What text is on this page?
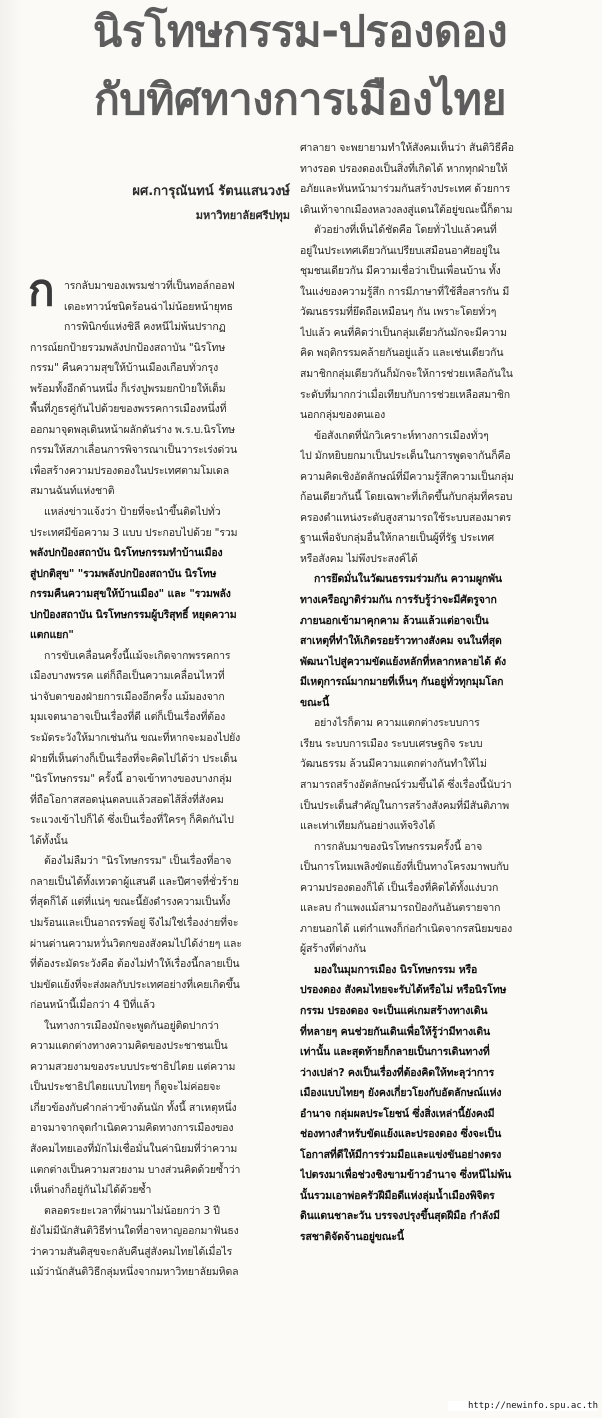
นิรโทษกรรม-ปรองดอง
กับทิศทางการเมืองไทย
ผศ.การุณันทน์ รัตนแสนวงษ์
มหาวิทยาลัยศรีปทุม
ก ารกลับมาของเพรมช่าวที่เป็นทอล์กออฟ
เดอะทาวน์ชนิดร้อนฉ่าไม่น้อยหน้ายุทธ
การพินิกข์แห่งชิลี คงหนีไม่พ้นปรากฏ
การณ์ยกป้ายรวมพลังปกป้องสถาบัน "นิรโทษ
กรรม" คืนความสุขให้บ้านเมืองเกือบทั่วกรุง
พร้อมทั้งอีกด้านหนึ่ง ก็เร่งปูพรมยกป้ายให้เต็ม
พื้นที่ภูธรคู่กันไปด้วยของพรรคการเมืองหนึ่งที่
ออกมาจุดพลุเดินหน้าผลักดันร่าง พ.ร.บ.นิรโทษ
กรรมให้สภาเลื่อนการพิจารณาเป็นวาระเร่งด่วน
เพื่อสร้างความปรองดองในประเทศตามโมเดล
สมานฉันท์แห่งชาติ
แหล่งข่าวแจ้งว่า ป้ายที่จะนำขึ้นติดไปทั่ว
ประเทศมีข้อความ 3 แบบ ประกอบไปด้วย "รวม
พลังปกป้องสถาบัน นิรโทษกรรมทำบ้านเมือง
สู่ปกติสุข" "รวมพลังปกป้องสถาบัน นิรโทษ
กรรมคืนความสุขให้บ้านเมือง" และ "รวมพลัง
ปกป้องสถาบัน นิรโทษกรรมผู้บริสุทธิ์ หยุดความ
แตกแยก"
การขับเคลื่อนครั้งนี้แม้จะเกิดจากพรรคการ
เมืองบางพรรค แต่ก็ถือเป็นความเคลื่อนไหวที่
น่าจับตาของฝ่ายการเมืองอีกครั้ง แม้มองจาก
มุมเจตนาอาจเป็นเรื่องที่ดี แต่ก็เป็นเรื่องที่ต้อง
ระมัดระวังให้มากเช่นกัน ขณะที่หากจะมองไปยัง
ฝ่ายที่เห็นต่างก็เป็นเรื่องที่จะคิดไปได้ว่า ประเด็น
"นิรโทษกรรม" ครั้งนี้ อาจเข้าทางของบางกลุ่ม
ที่ถือโอกาสสอดนุ่นตลบแล้วสอดไส้สิ่งที่สังคม
ระแวงเข้าไปก็ได้ ซึ่งเป็นเรื่องที่ใครๆ ก็คิดกันไป
ได้ทั้งนั้น
ต้องไม่ลืมว่า "นิรโทษกรรม" เป็นเรื่องที่อาจ
กลายเป็นได้ทั้งเทวดาผู้แสนดี และปีศาจที่ชั่วร้าย
ที่สุดก็ได้ แต่ที่แน่ๆ ขณะนี้ยังดำรงความเป็นทั้ง
ปมร้อนและเป็นอาถรรพ์อยู่ จึงไม่ใช่เรื่องง่ายที่จะ
ผ่านด่านความหวั่นวิตกของสังคมไปได้ง่ายๆ และ
ที่ต้องระมัดระวังคือ ต้องไม่ทำให้เรื่องนี้กลายเป็น
ปมขัดแย้งที่จะส่งผลกับประเทศอย่างที่เคยเกิดขึ้น
ก่อนหน้านี้เมื่อกว่า 4 ปีที่แล้ว
ในทางการเมืองมักจะพูดกันอยู่ติดปากว่า
ความแตกต่างทางความคิดของประชาชนเป็น
ความสวยงามของระบบประชาธิปไตย แต่ความ
เป็นประชาธิปไตยแบบไทยๆ ก็ดูจะไม่ค่อยจะ
เกี่ยวข้องกับคำกล่าวข้างต้นนัก ทั้งนี้ สาเหตุหนึ่ง
อาจมาจากจุดกำเนิดความคิดทางการเมืองของ
สังคมไทยเองที่มักไม่เชื่อมั่นในค่านิยมที่ว่าความ
แตกต่างเป็นความสวยงาม บางส่วนคิดด้วยซ้ำว่า
เห็นต่างก็อยู่กันไม่ได้ด้วยซ้ำ
ตลอดระยะเวลาที่ผ่านมาไม่น้อยกว่า 3 ปี
ยังไม่มีนักสันติวิธีท่านใดที่อาจหาญออกมาฟันธง
ว่าความสันติสุขจะกลับคืนสู่สังคมไทยได้เมื่อไร
แม้ว่านักสันติวิธีกลุ่มหนึ่งจากมหาวิทยาลัยมหิดล
ศาลายา จะพยายามทำให้สังคมเห็นว่า สันติวิธีคือ
ทางรอด ปรองดองเป็นสิ่งที่เกิดได้ หากทุกฝ่ายให้
อภัยและหันหน้ามาร่วมกันสร้างประเทศ ด้วยการ
เดินเท้าจากเมืองหลวงลงสู่แดนใต้อยู่ขณะนี้ก็ตาม
ตัวอย่างที่เห็นได้ชัดคือ โดยทั่วไปแล้วคนที่
อยู่ในประเทศเดียวกันเปรียบเสมือนอาศัยอยู่ใน
ชุมชนเดียวกัน มีความเชื่อว่าเป็นเพื่อนบ้าน ทั้ง
ในแง่ของความรู้สึก การมีภาษาที่ใช้สื่อสารกัน มี
วัฒนธรรมที่ยึดถือเหมือนๆ กัน เพราะโดยทั่วๆ
ไปแล้ว คนที่คิดว่าเป็นกลุ่มเดียวกันมักจะมีความ
คิด พฤติกรรมคล้ายกันอยู่แล้ว และเช่นเดียวกัน
สมาชิกกลุ่มเดียวกันก็มักจะให้การช่วยเหลือกันใน
ระดับที่มากกว่าเมื่อเทียบกับการช่วยเหลือสมาชิก
นอกกลุ่มของตนเอง
ข้อสังเกตที่นักวิเคราะห์ทางการเมืองทั่วๆ
ไป มักหยิบยกมาเป็นประเด็นในการพูดจากันก็คือ
ความคิดเชิงอัตลักษณ์ที่มีความรู้สึกความเป็นกลุ่ม
ก้อนเดียวกันนี้ โดยเฉพาะที่เกิดขึ้นกับกลุ่มที่ครอบ
ครองตำแหน่งระดับสูงสามารถใช้ระบบสองมาตร
ฐานเพื่อจับกลุ่มอื่นให้กลายเป็นผู้ที่รัฐ ประเทศ
หรือสังคม ไม่พึงประสงค์ได้
การยึดมั่นในวัฒนธรรมร่วมกัน ความผูกพัน
ทางเครือญาติร่วมกัน การรับรู้ว่าจะมีศัตรูจาก
ภายนอกเข้ามาคุกคาม ล้วนแล้วแต่อาจเป็น
สาเหตุที่ทำให้เกิดรอยร้าวทางสังคม จนในที่สุด
พัฒนาไปสู่ความขัดแย้งหลักที่หลากหลายได้ ดัง
มีเหตุการณ์มากมายที่เห็นๆ กันอยู่ทั่วทุกมุมโลก
ขณะนี้
อย่างไรก็ตาม ความแตกต่างระบบการ
เรียน ระบบการเมือง ระบบเศรษฐกิจ ระบบ
วัฒนธรรม ล้วนมีความแตกต่างกันทำให้ไม่
สามารถสร้างอัตลักษณ์ร่วมขึ้นได้ ซึ่งเรื่องนี้นับว่า
เป็นประเด็นสำคัญในการสร้างสังคมที่มีสันติภาพ
และเท่าเทียมกันอย่างแท้จริงได้
การกลับมาของนิรโทษกรรมครั้งนี้ อาจ
เป็นการโหมเพลิงขัดแย้งที่เป็นทางโครงมาพบกับ
ความปรองดองก็ได้ เป็นเรื่องที่คิดได้ทั้งแง่บวก
และลบ กำแพงแม้สามารถป้องกันอันตรายจาก
ภายนอกได้ แต่กำแพงก็ก่อกำเนิดจากรสนิยมของ
ผู้สร้างที่ต่างกัน
มองในมุมการเมือง นิรโทษกรรม หรือ
ปรองดอง สังคมไทยจะรับได้หรือไม่ หรือนิรโทษ
กรรม ปรองดอง จะเป็นแค่เกมสร้างทางเดิน
ที่หลายๆ คนช่วยกันเดินเพื่อให้รู้ว่ามีทางเดิน
เท่านั้น และสุดท้ายก็กลายเป็นการเดินทางที่
ว่างเปล่า? คงเป็นเรื่องที่ต้องคิดให้ทะลุว่าการ
เมืองแบบไทยๆ ยังคงเกี่ยวโยงกับอัตลักษณ์แห่ง
อำนาจ กลุ่มผลประโยชน์ ซึ่งสิ่งเหล่านี้ยังคงมี
ช่องทางสำหรับขัดแย้งและปรองดอง ซึ่งจะเป็น
โอกาสที่ดีให้มีการร่วมมือและแข่งขันอย่างตรง
ไปตรงมาเพื่อช่วงชิงขามข้าวอำนาจ ซึ่งหนีไม่พ้น
นั้นรวมเอาพ่อครัวฝีมือดีแห่งลุ่มน้ำเมืองพิจิตร
ดินแดนชาละวัน บรรจงปรุงขึ้นสุดฝีมือ กำลังมี
รสชาติจัดจ้านอยู่ขณะนี้
http://newinfo.spu.ac.th
